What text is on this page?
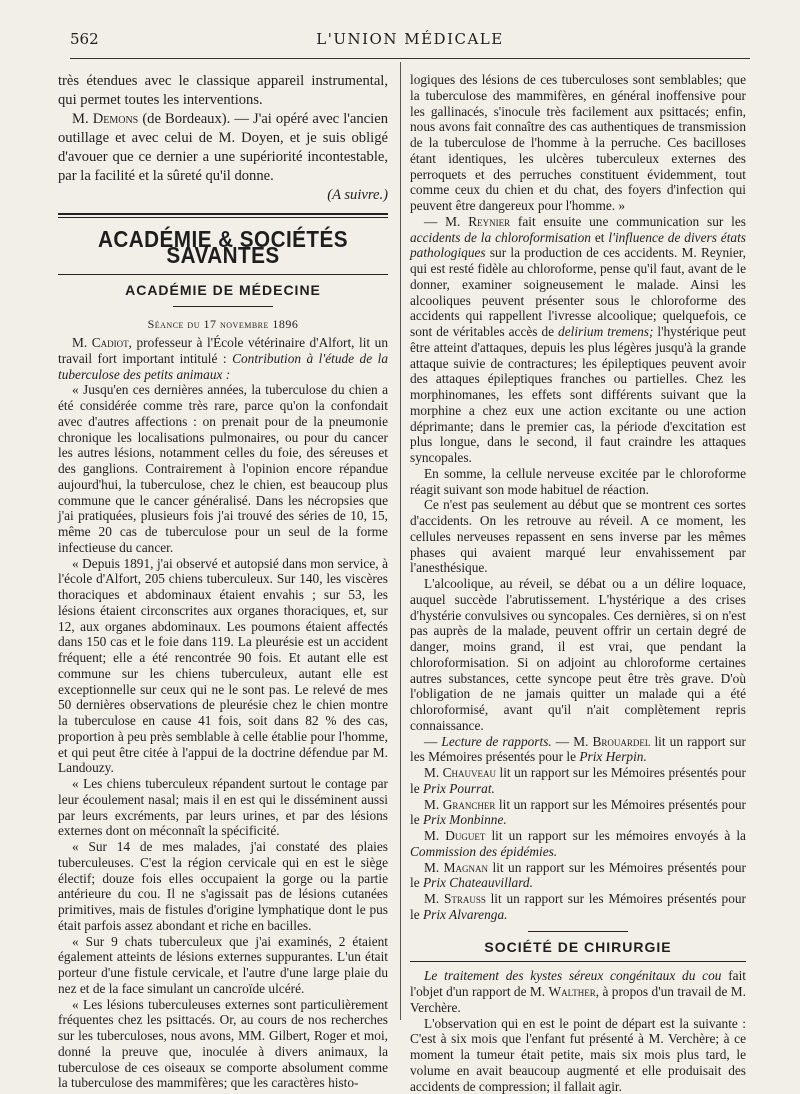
562	L'UNION MÉDICALE

très étendues avec le classique appareil instrumental, qui permet toutes les interventions.

M. Demons (de Bordeaux). — J'ai opéré avec l'ancien outillage et avec celui de M. Doyen, et je suis obligé d'avouer que ce dernier a une supériorité incontestable, par la facilité et la sûreté qu'il donne.

(A suivre.)
ACADÉMIE & SOCIÉTÉS SAVANTES
ACADÉMIE DE MÉDECINE
Séance du 17 novembre 1896

M. Cadiot, professeur à l'École vétérinaire d'Alfort, lit un travail fort important intitulé : Contribution à l'étude de la tuberculose des petits animaux :

« Jusqu'en ces dernières années, la tuberculose du chien a été considérée comme très rare, parce qu'on la confondait avec d'autres affections : on prenait pour de la pneumonie chronique les localisations pulmonaires, ou pour du cancer les autres lésions, notamment celles du foie, des séreuses et des ganglions. Contrairement à l'opinion encore répandue aujourd'hui, la tuberculose, chez le chien, est beaucoup plus commune que le cancer généralisé. Dans les nécropsies que j'ai pratiquées, plusieurs fois j'ai trouvé des séries de 10, 15, même 20 cas de tuberculose pour un seul de la forme infectieuse du cancer.

« Depuis 1891, j'ai observé et autopsié dans mon service, à l'école d'Alfort, 205 chiens tuberculeux. Sur 140, les viscères thoraciques et abdominaux étaient envahis ; sur 53, les lésions étaient circonscrites aux organes thoraciques, et, sur 12, aux organes abdominaux. Les poumons étaient affectés dans 150 cas et le foie dans 119. La pleurésie est un accident fréquent; elle a été rencontrée 90 fois. Et autant elle est commune sur les chiens tuberculeux, autant elle est exceptionnelle sur ceux qui ne le sont pas. Le relevé de mes 50 dernières observations de pleurésie chez le chien montre la tuberculose en cause 41 fois, soit dans 82 % des cas, proportion à peu près semblable à celle établie pour l'homme, et qui peut être citée à l'appui de la doctrine défendue par M. Landouzy.

« Les chiens tuberculeux répandent surtout le contage par leur écoulement nasal; mais il en est qui le disséminent aussi par leurs excréments, par leurs urines, et par des lésions externes dont on méconnaît la spécificité.

« Sur 14 de mes malades, j'ai constaté des plaies tuberculeuses. C'est la région cervicale qui en est le siège électif; douze fois elles occupaient la gorge ou la partie antérieure du cou. Il ne s'agissait pas de lésions cutanées primitives, mais de fistules d'origine lymphatique dont le pus était parfois assez abondant et riche en bacilles.

« Sur 9 chats tuberculeux que j'ai examinés, 2 étaient également atteints de lésions externes suppurantes. L'un était porteur d'une fistule cervicale, et l'autre d'une large plaie du nez et de la face simulant un cancroïde ulcéré.

« Les lésions tuberculeuses externes sont particulièrement fréquentes chez les psittacés. Or, au cours de nos recherches sur les tuberculoses, nous avons, MM. Gilbert, Roger et moi, donné la preuve que, inoculée à divers animaux, la tuberculose de ces oiseaux se comporte absolument comme la tuberculose des mammifères; que les caractères histo-

logiques des lésions de ces tuberculoses sont semblables; que la tuberculose des mammifères, en général inoffensive pour les gallinacés, s'inocule très facilement aux psittacés; enfin, nous avons fait connaître des cas authentiques de transmission de la tuberculose de l'homme à la perruche. Ces bacilloses étant identiques, les ulcères tuberculeux externes des perroquets et des perruches constituent évidemment, tout comme ceux du chien et du chat, des foyers d'infection qui peuvent être dangereux pour l'homme. »

— M. Reynier fait ensuite une communication sur les accidents de la chloroformisation et l'influence de divers états pathologiques sur la production de ces accidents. M. Reynier, qui est resté fidèle au chloroforme, pense qu'il faut, avant de le donner, examiner soigneusement le malade. Ainsi les alcooliques peuvent présenter sous le chloroforme des accidents qui rappellent l'ivresse alcoolique; quelquefois, ce sont de véritables accès de delirium tremens; l'hystérique peut être atteint d'attaques, depuis les plus légères jusqu'à la grande attaque suivie de contractures; les épileptiques peuvent avoir des attaques épileptiques franches ou partielles. Chez les morphinomanes, les effets sont différents suivant que la morphine a chez eux une action excitante ou une action déprimante; dans le premier cas, la période d'excitation est plus longue, dans le second, il faut craindre les attaques syncopales.

En somme, la cellule nerveuse excitée par le chloroforme réagit suivant son mode habituel de réaction.

Ce n'est pas seulement au début que se montrent ces sortes d'accidents. On les retrouve au réveil. A ce moment, les cellules nerveuses repassent en sens inverse par les mêmes phases qui avaient marqué leur envahissement par l'anesthésique.

L'alcoolique, au réveil, se débat ou a un délire loquace, auquel succède l'abrutissement. L'hystérique a des crises d'hystérie convulsives ou syncopales. Ces dernières, si on n'est pas auprès de la malade, peuvent offrir un certain degré de danger, moins grand, il est vrai, que pendant la chloroformisation. Si on adjoint au chloroforme certaines autres substances, cette syncope peut être très grave. D'où l'obligation de ne jamais quitter un malade qui a été chloroformisé, avant qu'il n'ait complètement repris connaissance.

— Lecture de rapports. — M. Brouardel lit un rapport sur les Mémoires présentés pour le Prix Herpin.

M. Chauveau lit un rapport sur les Mémoires présentés pour le Prix Pourrat.

M. Grancher lit un rapport sur les Mémoires présentés pour le Prix Monbinne.

M. Duguet lit un rapport sur les mémoires envoyés à la Commission des épidémies.

M. Magnan lit un rapport sur les Mémoires présentés pour le Prix Chateauvillard.

M. Strauss lit un rapport sur les Mémoires présentés pour le Prix Alvarenga.

SOCIÉTÉ DE CHIRURGIE

Le traitement des kystes séreux congénitaux du cou fait l'objet d'un rapport de M. Walther, à propos d'un travail de M. Verchère.

L'observation qui en est le point de départ est la suivante : C'est à six mois que l'enfant fut présenté à M. Verchère; à ce moment la tumeur était petite, mais six mois plus tard, le volume en avait beaucoup augmenté et elle produisait des accidents de compression; il fallait agir.
